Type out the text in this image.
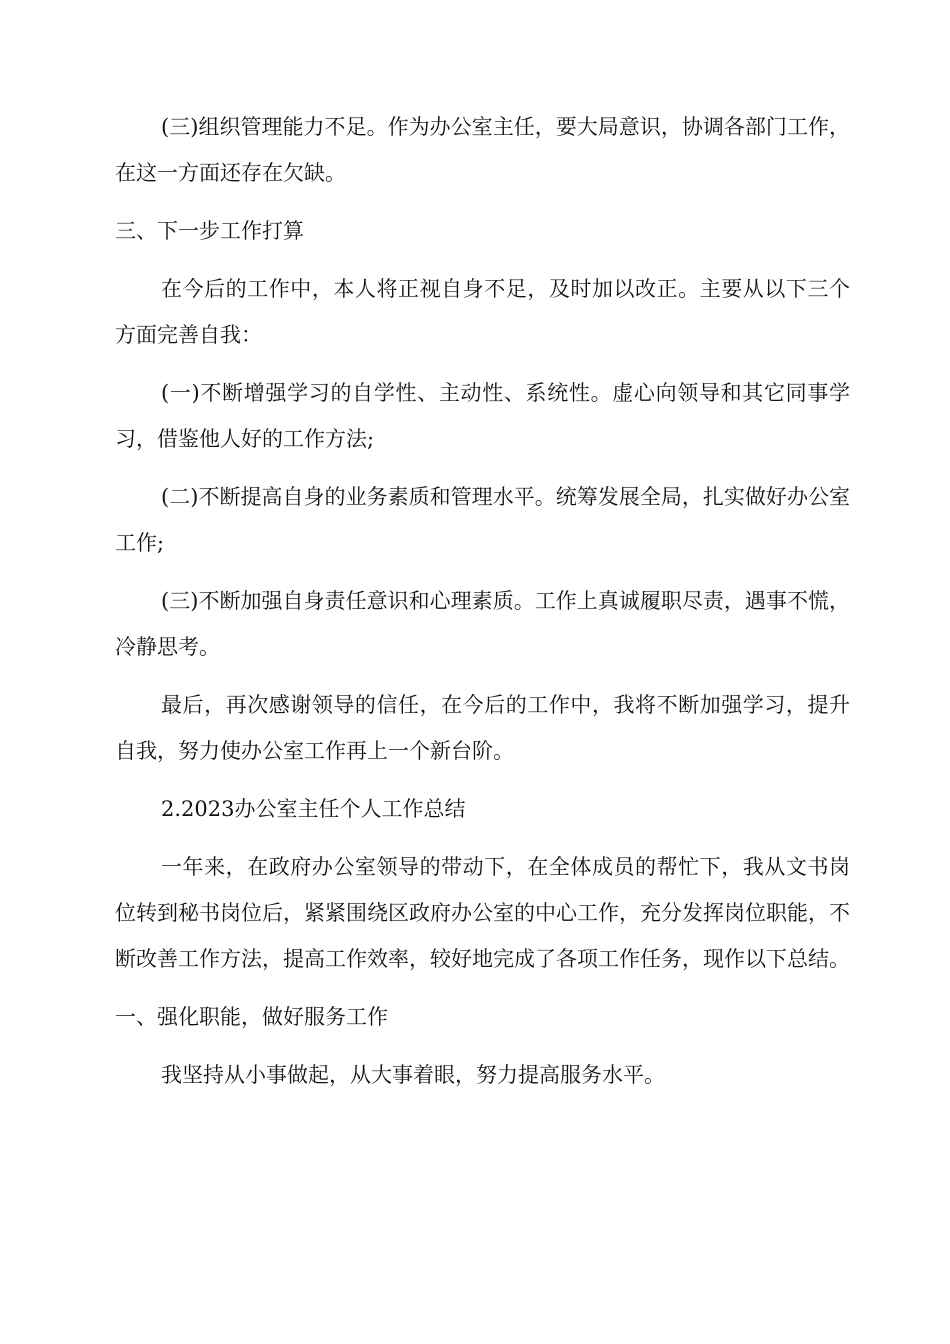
(三)组织管理能力不足。作为办公室主任，要大局意识，协调各部门工作，在这一方面还存在欠缺。

三、下一步工作打算

在今后的工作中，本人将正视自身不足，及时加以改正。主要从以下三个方面完善自我：

(一)不断增强学习的自学性、主动性、系统性。虚心向领导和其它同事学习，借鉴他人好的工作方法;

(二)不断提高自身的业务素质和管理水平。统筹发展全局，扎实做好办公室工作;

(三)不断加强自身责任意识和心理素质。工作上真诚履职尽责，遇事不慌，冷静思考。

最后，再次感谢领导的信任，在今后的工作中，我将不断加强学习，提升自我，努力使办公室工作再上一个新台阶。

2.2023办公室主任个人工作总结

一年来，在政府办公室领导的带动下，在全体成员的帮忙下，我从文书岗位转到秘书岗位后，紧紧围绕区政府办公室的中心工作，充分发挥岗位职能，不断改善工作方法，提高工作效率，较好地完成了各项工作任务，现作以下总结。

一、强化职能，做好服务工作

我坚持从小事做起，从大事着眼，努力提高服务水平。
